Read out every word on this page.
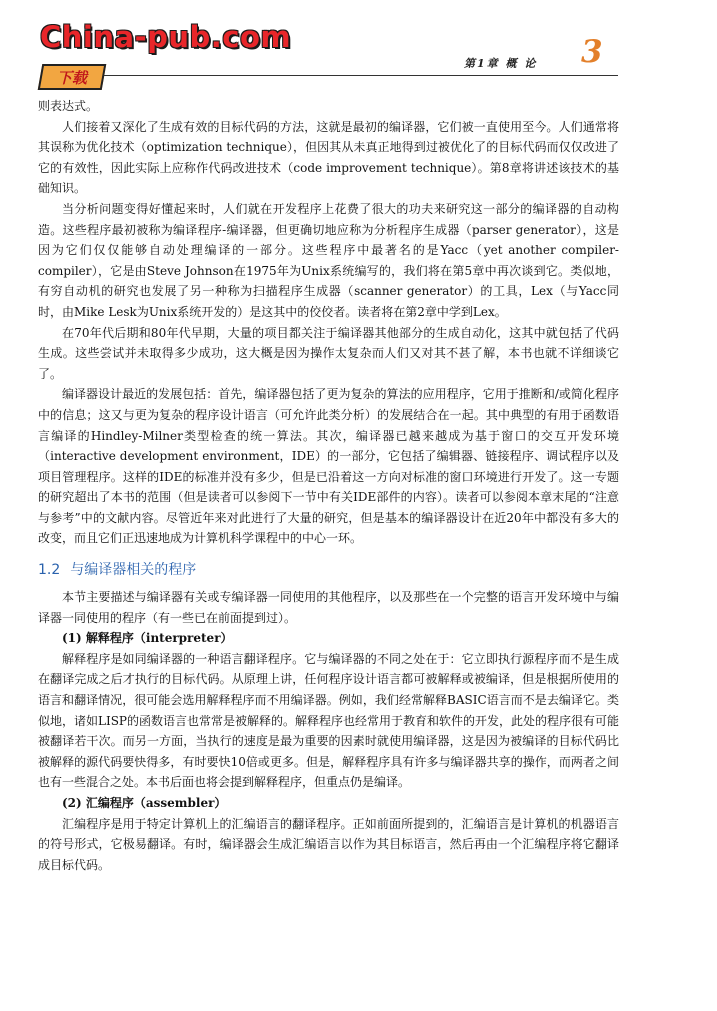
China-pub.com
下载
第1章 概 论 3

则表达式。

人们接着又深化了生成有效的目标代码的方法，这就是最初的编译器，它们被一直使用至今。人们通常将其误称为优化技术（optimization technique），但因其从未真正地得到过被优化了的目标代码而仅仅改进了它的有效性，因此实际上应称作代码改进技术（code improvement technique）。第8章将讲述该技术的基础知识。

当分析问题变得好懂起来时，人们就在开发程序上花费了很大的功夫来研究这一部分的编译器的自动构造。这些程序最初被称为编译程序-编译器，但更确切地应称为分析程序生成器（parser generator），这是因为它们仅仅能够自动处理编译的一部分。这些程序中最著名的是Yacc（yet another compiler-compiler），它是由Steve Johnson在1975年为Unix系统编写的，我们将在第5章中再次谈到它。类似地，有穷自动机的研究也发展了另一种称为扫描程序生成器（scanner generator）的工具，Lex（与Yacc同时，由Mike Lesk为Unix系统开发的）是这其中的佼佼者。读者将在第2章中学到Lex。

在70年代后期和80年代早期，大量的项目都关注于编译器其他部分的生成自动化，这其中就包括了代码生成。这些尝试并未取得多少成功，这大概是因为操作太复杂而人们又对其不甚了解，本书也就不详细谈它了。

编译器设计最近的发展包括：首先，编译器包括了更为复杂的算法的应用程序，它用于推断和/或简化程序中的信息；这又与更为复杂的程序设计语言（可允许此类分析）的发展结合在一起。其中典型的有用于函数语言编译的Hindley-Milner类型检查的统一算法。其次，编译器已越来越成为基于窗口的交互开发环境（interactive development environment，IDE）的一部分，它包括了编辑器、链接程序、调试程序以及项目管理程序。这样的IDE的标准并没有多少，但是已沿着这一方向对标准的窗口环境进行开发了。这一专题的研究超出了本书的范围（但是读者可以参阅下一节中有关IDE部件的内容）。读者可以参阅本章末尾的“注意与参考”中的文献内容。尽管近年来对此进行了大量的研究，但是基本的编译器设计在近20年中都没有多大的改变，而且它们正迅速地成为计算机科学课程中的中心一环。

1.2 与编译器相关的程序

本节主要描述与编译器有关或专编译器一同使用的其他程序，以及那些在一个完整的语言开发环境中与编译器一同使用的程序（有一些已在前面提到过）。

(1) 解释程序（interpreter）

解释程序是如同编译器的一种语言翻译程序。它与编译器的不同之处在于：它立即执行源程序而不是生成在翻译完成之后才执行的目标代码。从原理上讲，任何程序设计语言都可被解释或被编译，但是根据所使用的语言和翻译情况，很可能会选用解释程序而不用编译器。例如，我们经常解释BASIC语言而不是去编译它。类似地，诸如LISP的函数语言也常常是被解释的。解释程序也经常用于教育和软件的开发，此处的程序很有可能被翻译若干次。而另一方面，当执行的速度是最为重要的因素时就使用编译器，这是因为被编译的目标代码比被解释的源代码要快得多，有时要快10倍或更多。但是，解释程序具有许多与编译器共享的操作，而两者之间也有一些混合之处。本书后面也将会提到解释程序，但重点仍是编译。

(2) 汇编程序（assembler）

汇编程序是用于特定计算机上的汇编语言的翻译程序。正如前面所提到的，汇编语言是计算机的机器语言的符号形式，它极易翻译。有时，编译器会生成汇编语言以作为其目标语言，然后再由一个汇编程序将它翻译成目标代码。
